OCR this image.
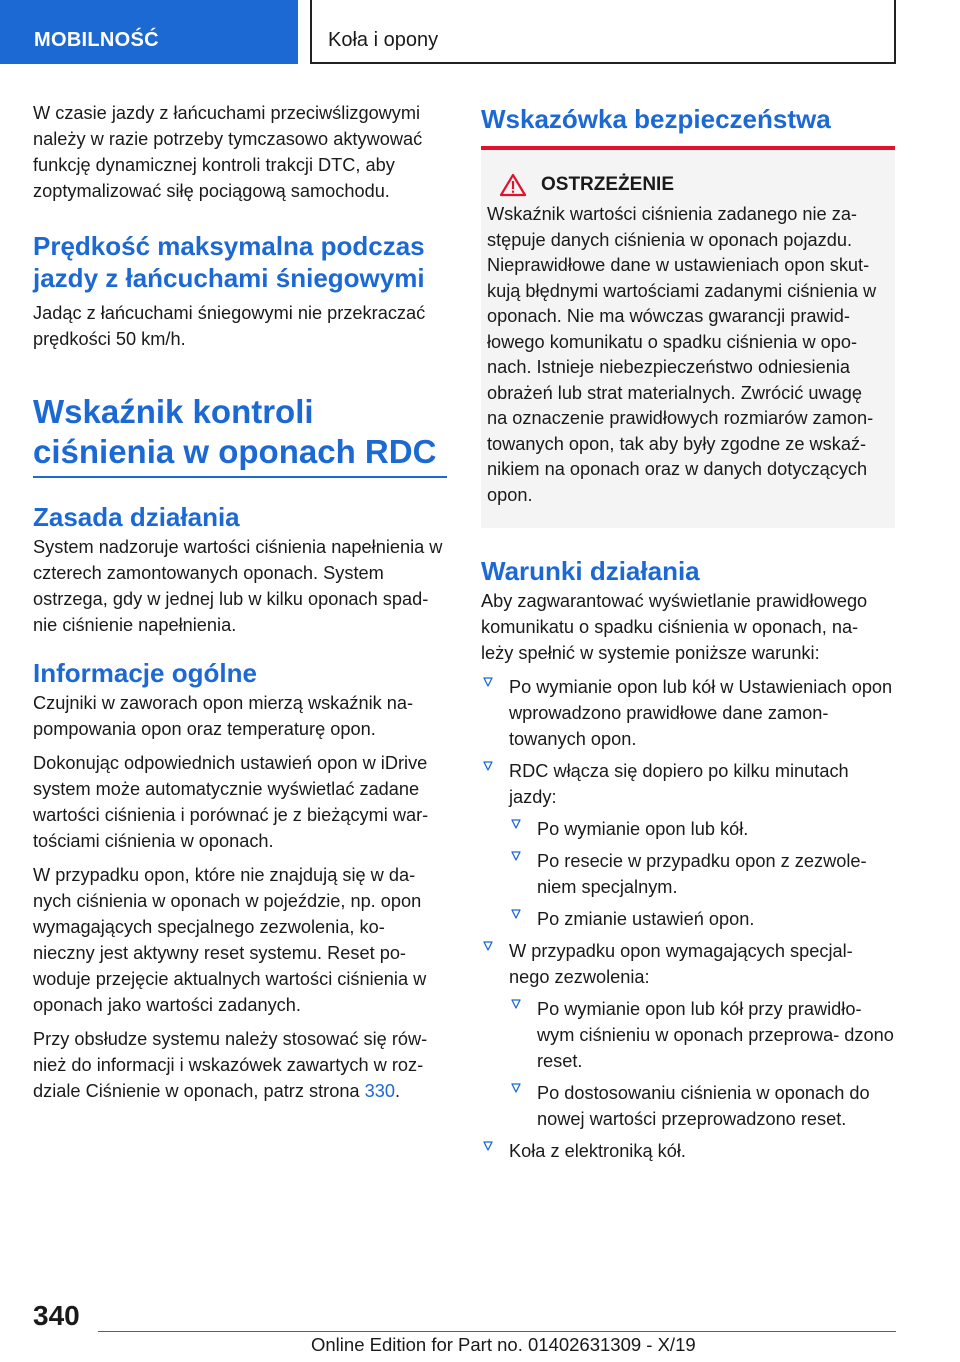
MOBILNOŚĆ	Koła i opony

W czasie jazdy z łańcuchami przeciwślizgowymi należy w razie potrzeby tymczasowo aktywować funkcję dynamicznej kontroli trakcji DTC, aby zoptymalizować siłę pociągową samochodu.

Prędkość maksymalna podczas jazdy z łańcuchami śniegowymi

Jadąc z łańcuchami śniegowymi nie przekraczać prędkości 50 km/h.

Wskaźnik kontroli ciśnienia w oponach RDC
Zasada działania

System nadzoruje wartości ciśnienia napełnienia w czterech zamontowanych oponach. System ostrzega, gdy w jednej lub w kilku oponach spad- nie ciśnienie napełnienia.

Informacje ogólne

Czujniki w zaworach opon mierzą wskaźnik na- pompowania opon oraz temperaturę opon.

Dokonując odpowiednich ustawień opon w iDrive system może automatycznie wyświetlać zadane wartości ciśnienia i porównać je z bieżącymi war- tościami ciśnienia w oponach.

W przypadku opon, które nie znajdują się w da- nych ciśnienia w oponach w pojeździe, np. opon wymagających specjalnego zezwolenia, ko- nieczny jest aktywny reset systemu. Reset po- woduje przejęcie aktualnych wartości ciśnienia w oponach jako wartości zadanych.

Przy obsłudze systemu należy stosować się rów- nież do informacji i wskazówek zawartych w roz- dziale Ciśnienie w oponach, patrz strona 330.

Wskazówka bezpieczeństwa
OSTRZEŻENIE

Wskaźnik wartości ciśnienia zadanego nie za- stępuje danych ciśnienia w oponach pojazdu. Nieprawidłowe dane w ustawieniach opon skut- kują błędnymi wartościami zadanymi ciśnienia w oponach. Nie ma wówczas gwarancji prawid- łowego komunikatu o spadku ciśnienia w opo- nach. Istnieje niebezpieczeństwo odniesienia obrażeń lub strat materialnych. Zwrócić uwagę na oznaczenie prawidłowych rozmiarów zamon- towanych opon, tak aby były zgodne ze wskaź- nikiem na oponach oraz w danych dotyczących opon.

Warunki działania

Aby zagwarantować wyświetlanie prawidłowego komunikatu o spadku ciśnienia w oponach, na- leży spełnić w systemie poniższe warunki:

Po wymianie opon lub kół w Ustawieniach opon wprowadzono prawidłowe dane zamon- towanych opon.
RDC włącza się dopiero po kilku minutach jazdy:
Po wymianie opon lub kół.
Po resecie w przypadku opon z zezwole- niem specjalnym.
Po zmianie ustawień opon.
W przypadku opon wymagających specjal- nego zezwolenia:
Po wymianie opon lub kół przy prawidło- wym ciśnieniu w oponach przeprowa- dzono reset.
Po dostosowaniu ciśnienia w oponach do nowej wartości przeprowadzono reset.
Koła z elektroniką kół.
340
Online Edition for Part no. 01402631309 - X/19
